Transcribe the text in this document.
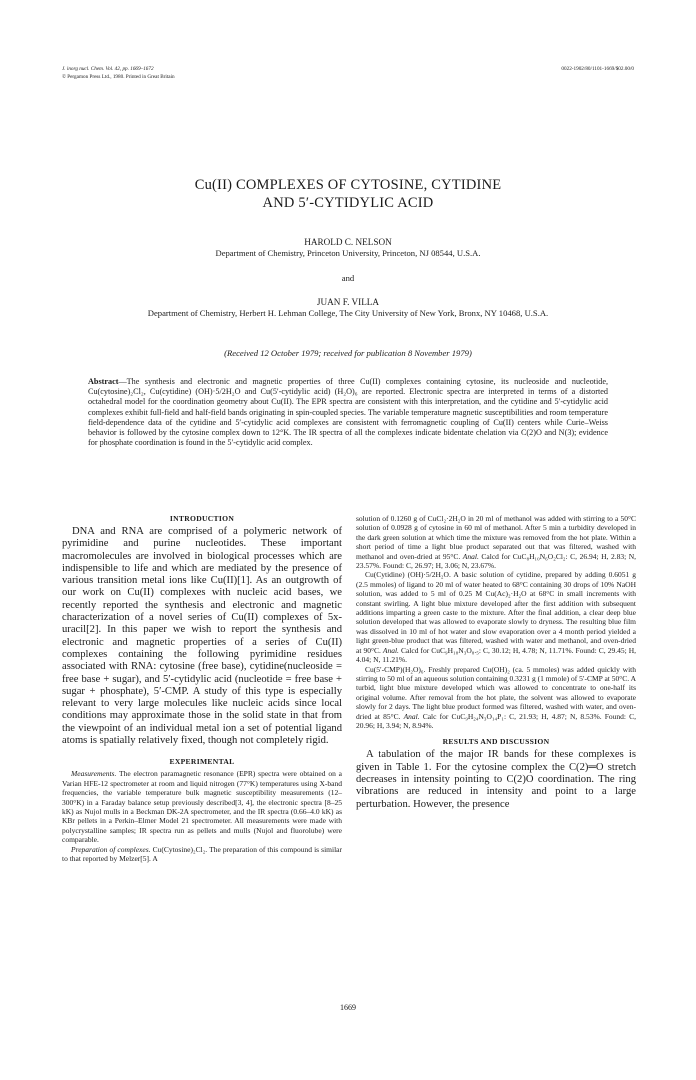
J. inorg nucl. Chem. Vol. 42, pp. 1669–1672
© Pergamon Press Ltd., 1980. Printed in Great Britain
0022-1902/80/1101-1669/$02.00/0
Cu(II) COMPLEXES OF CYTOSINE, CYTIDINE
AND 5′-CYTIDYLIC ACID
HAROLD C. NELSON
Department of Chemistry, Princeton University, Princeton, NJ 08544, U.S.A.
and
JUAN F. VILLA
Department of Chemistry, Herbert H. Lehman College, The City University of New York, Bronx, NY 10468, U.S.A.
(Received 12 October 1979; received for publication 8 November 1979)
Abstract—The synthesis and electronic and magnetic properties of three Cu(II) complexes containing cytosine, its nucleoside and nucleotide, Cu(cytosine)₂Cl₂, Cu(cytidine) (OH)·5/2H₂O and Cu(5′-cytidylic acid) (H₂O)₆ are reported. Electronic spectra are interpreted in terms of a distorted octahedral model for the coordination geometry about Cu(II). The EPR spectra are consistent with this interpretation, and the cytidine and 5′-cytidylic acid complexes exhibit full-field and half-field bands originating in spin-coupled species. The variable temperature magnetic susceptibilities and room temperature field-dependence data of the cytidine and 5′-cytidylic acid complexes are consistent with ferromagnetic coupling of Cu(II) centers while Curie–Weiss behavior is followed by the cytosine complex down to 12°K. The IR spectra of all the complexes indicate bidentate chelation via C(2)O and N(3); evidence for phosphate coordination is found in the 5′-cytidylic acid complex.
INTRODUCTION

DNA and RNA are comprised of a polymeric network of pyrimidine and purine nucleotides. These important macromolecules are involved in biological processes which are indispensible to life and which are mediated by the presence of various transition metal ions like Cu(II)[1]. As an outgrowth of our work on Cu(II) complexes with nucleic acid bases, we recently reported the synthesis and electronic and magnetic characterization of a novel series of Cu(II) complexes of 5x-uracil[2]. In this paper we wish to report the synthesis and electronic and magnetic properties of a series of Cu(II) complexes containing the following pyrimidine residues associated with RNA: cytosine (free base), cytidine(nucleoside = free base + sugar), and 5′-cytidylic acid (nucleotide = free base + sugar + phosphate), 5′-CMP. A study of this type is especially relevant to very large molecules like nucleic acids since local conditions may approximate those in the solid state in that from the viewpoint of an individual metal ion a set of potential ligand atoms is spatially relatively fixed, though not completely rigid.

EXPERIMENTAL

Measurements. The electron paramagnetic resonance (EPR) spectra were obtained on a Varian HFE-12 spectrometer at room and liquid nitrogen (77°K) temperatures using X-band frequencies, the variable temperature bulk magnetic susceptibility measurements (12–300°K) in a Faraday balance setup previously described[3, 4], the electronic spectra [8–25 kK) as Nujol mulls in a Beckman DK-2A spectrometer, and the IR spectra (0.66–4.0 kK) as KBr pellets in a Perkin–Elmer Model 21 spectrometer. All measurements were made with polycrystalline samples; IR spectra run as pellets and mulls (Nujol and fluorolube) were comparable.

Preparation of complexes. Cu(Cytosine)₂Cl₂. The preparation of this compound is similar to that reported by Melzer[5]. A

solution of 0.1260 g of CuCl₂·2H₂O in 20 ml of methanol was added with stirring to a 50°C solution of 0.0928 g of cytosine in 60 ml of methanol. After 5 min a turbidity developed in the dark green solution at which time the mixture was removed from the hot plate. Within a short period of time a light blue product separated out that was filtered, washed with methanol and oven-dried at 95°C. Anal. Calcd for CuC₈H₁₀N₆O₂Cl₂: C, 26.94; H, 2.83; N, 23.57%. Found: C, 26.97; H, 3.06; N, 23.67%.

Cu(Cytidine) (OH)·5/2H₂O. A basic solution of cytidine, prepared by adding 0.6051 g (2.5 mmoles) of ligand to 20 ml of water heated to 68°C containing 30 drops of 10% NaOH solution, was added to 5 ml of 0.25 M Cu(Ac)₂·H₂O at 68°C in small increments with constant swirling. A light blue mixture developed after the first addition with subsequent additions imparting a green caste to the mixture. After the final addition, a clear deep blue solution developed that was allowed to evaporate slowly to dryness. The resulting blue film was dissolved in 10 ml of hot water and slow evaporation over a 4 month period yielded a light green-blue product that was filtered, washed with water and methanol, and oven-dried at 90°C. Anal. Calcd for CuC₉H₁₈N₃O₈.₅: C, 30.12; H, 4.78; N, 11.71%. Found: C, 29.45; H, 4.04; N, 11.21%.

Cu(5′-CMP)(H₂O)₆. Freshly prepared Cu(OH)₂ (ca. 5 mmoles) was added quickly with stirring to 50 ml of an aqueous solution containing 0.3231 g (1 mmole) of 5′-CMP at 50°C. A turbid, light blue mixture developed which was allowed to concentrate to one-half its original volume. After removal from the hot plate, the solvent was allowed to evaporate slowly for 2 days. The light blue product formed was filtered, washed with water, and oven-dried at 85°C. Anal. Calc for CuC₉H₂₄N₃O₁₄P₁: C, 21.93; H, 4.87; N, 8.53%. Found: C, 20.96; H, 3.94; N, 8.94%.

RESULTS AND DISCUSSION

A tabulation of the major IR bands for these complexes is given in Table 1. For the cytosine complex the C(2)═O stretch decreases in intensity pointing to C(2)O coordination. The ring vibrations are reduced in intensity and point to a large perturbation. However, the presence

1669
